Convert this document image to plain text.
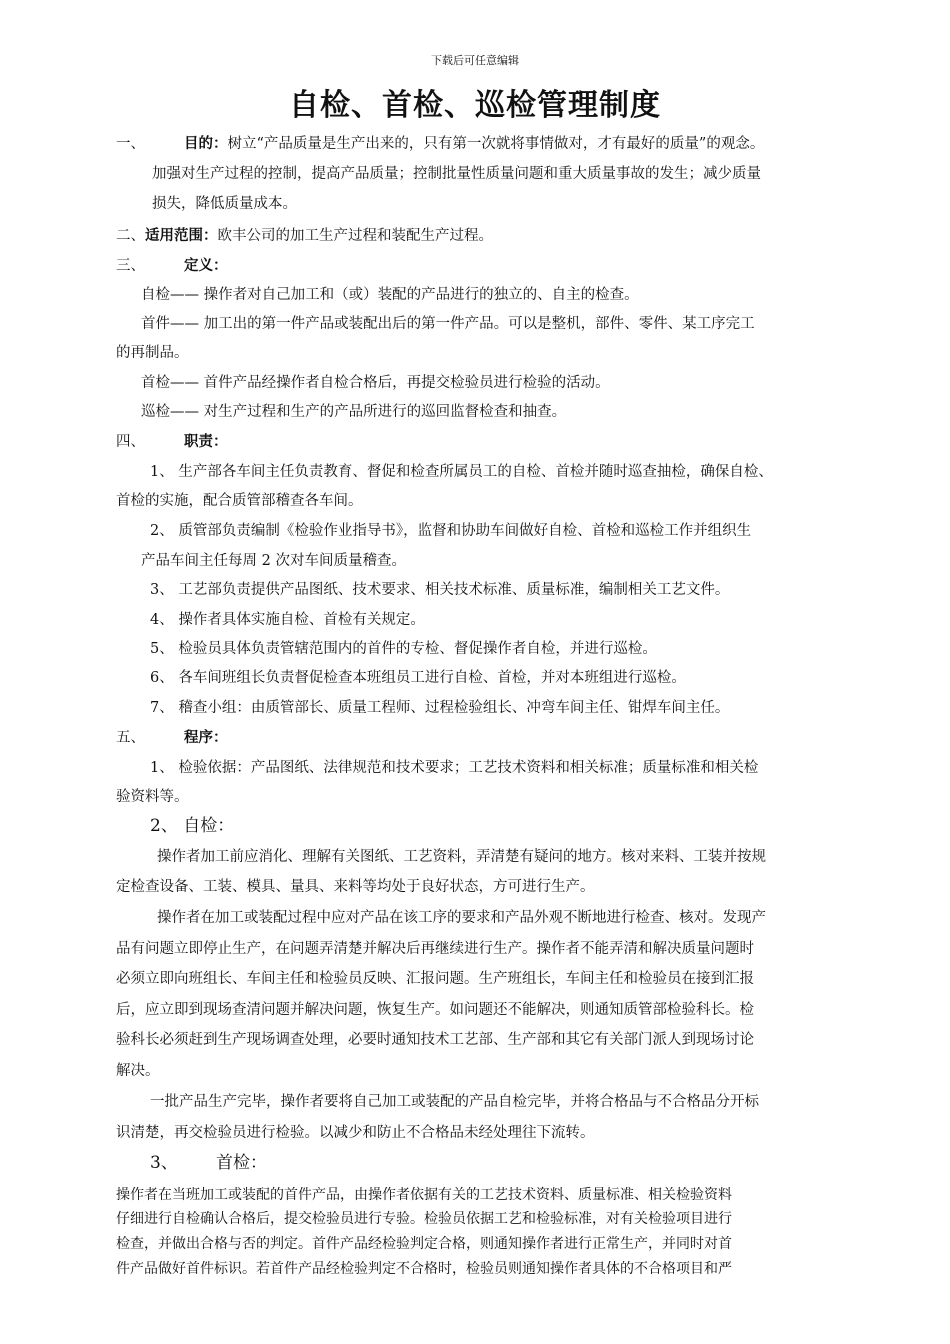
下载后可任意编辑
自检、首检、巡检管理制度
一、	目的：树立“产品质量是生产出来的，只有第一次就将事情做对，才有最好的质量”的观念。
加强对生产过程的控制，提高产品质量；控制批量性质量问题和重大质量事故的发生；减少质量
损失，降低质量成本。
二、适用范围：欧丰公司的加工生产过程和装配生产过程。
三、	定义：
自检—— 操作者对自己加工和（或）装配的产品进行的独立的、自主的检查。
首件—— 加工出的第一件产品或装配出后的第一件产品。可以是整机，部件、零件、某工序完工
的再制品。
首检—— 首件产品经操作者自检合格后，再提交检验员进行检验的活动。
巡检—— 对生产过程和生产的产品所进行的巡回监督检查和抽查。
四、	职责：
1、 生产部各车间主任负责教育、督促和检查所属员工的自检、首检并随时巡查抽检，确保自检、
首检的实施，配合质管部稽查各车间。
2、 质管部负责编制《检验作业指导书》，监督和协助车间做好自检、首检和巡检工作并组织生
产品车间主任每周 2 次对车间质量稽查。
3、 工艺部负责提供产品图纸、技术要求、相关技术标准、质量标准，编制相关工艺文件。
4、 操作者具体实施自检、首检有关规定。
5、 检验员具体负责管辖范围内的首件的专检、督促操作者自检，并进行巡检。
6、 各车间班组长负责督促检查本班组员工进行自检、首检，并对本班组进行巡检。
7、 稽查小组：由质管部长、质量工程师、过程检验组长、冲弯车间主任、钳焊车间主任。
五、	程序：
1、 检验依据：产品图纸、法律规范和技术要求；工艺技术资料和相关标准；质量标准和相关检
验资料等。
2、 自检：
操作者加工前应消化、理解有关图纸、工艺资料，弄清楚有疑问的地方。核对来料、工装并按规
定检查设备、工装、模具、量具、来料等均处于良好状态，方可进行生产。
操作者在加工或装配过程中应对产品在该工序的要求和产品外观不断地进行检查、核对。发现产
品有问题立即停止生产，在问题弄清楚并解决后再继续进行生产。操作者不能弄清和解决质量问题时
必须立即向班组长、车间主任和检验员反映、汇报问题。生产班组长，车间主任和检验员在接到汇报
后，应立即到现场查清问题并解决问题，恢复生产。如问题还不能解决，则通知质管部检验科长。检
验科长必须赶到生产现场调查处理，必要时通知技术工艺部、生产部和其它有关部门派人到现场讨论
解决。
一批产品生产完毕，操作者要将自己加工或装配的产品自检完毕，并将合格品与不合格品分开标
识清楚，再交检验员进行检验。以减少和防止不合格品未经处理往下流转。
3、 首检：
操作者在当班加工或装配的首件产品，由操作者依据有关的工艺技术资料、质量标准、相关检验资料
仔细进行自检确认合格后，提交检验员进行专验。检验员依据工艺和检验标准，对有关检验项目进行
检查，并做出合格与否的判定。首件产品经检验判定合格，则通知操作者进行正常生产，并同时对首
件产品做好首件标识。若首件产品经检验判定不合格时，检验员则通知操作者具体的不合格项目和严
